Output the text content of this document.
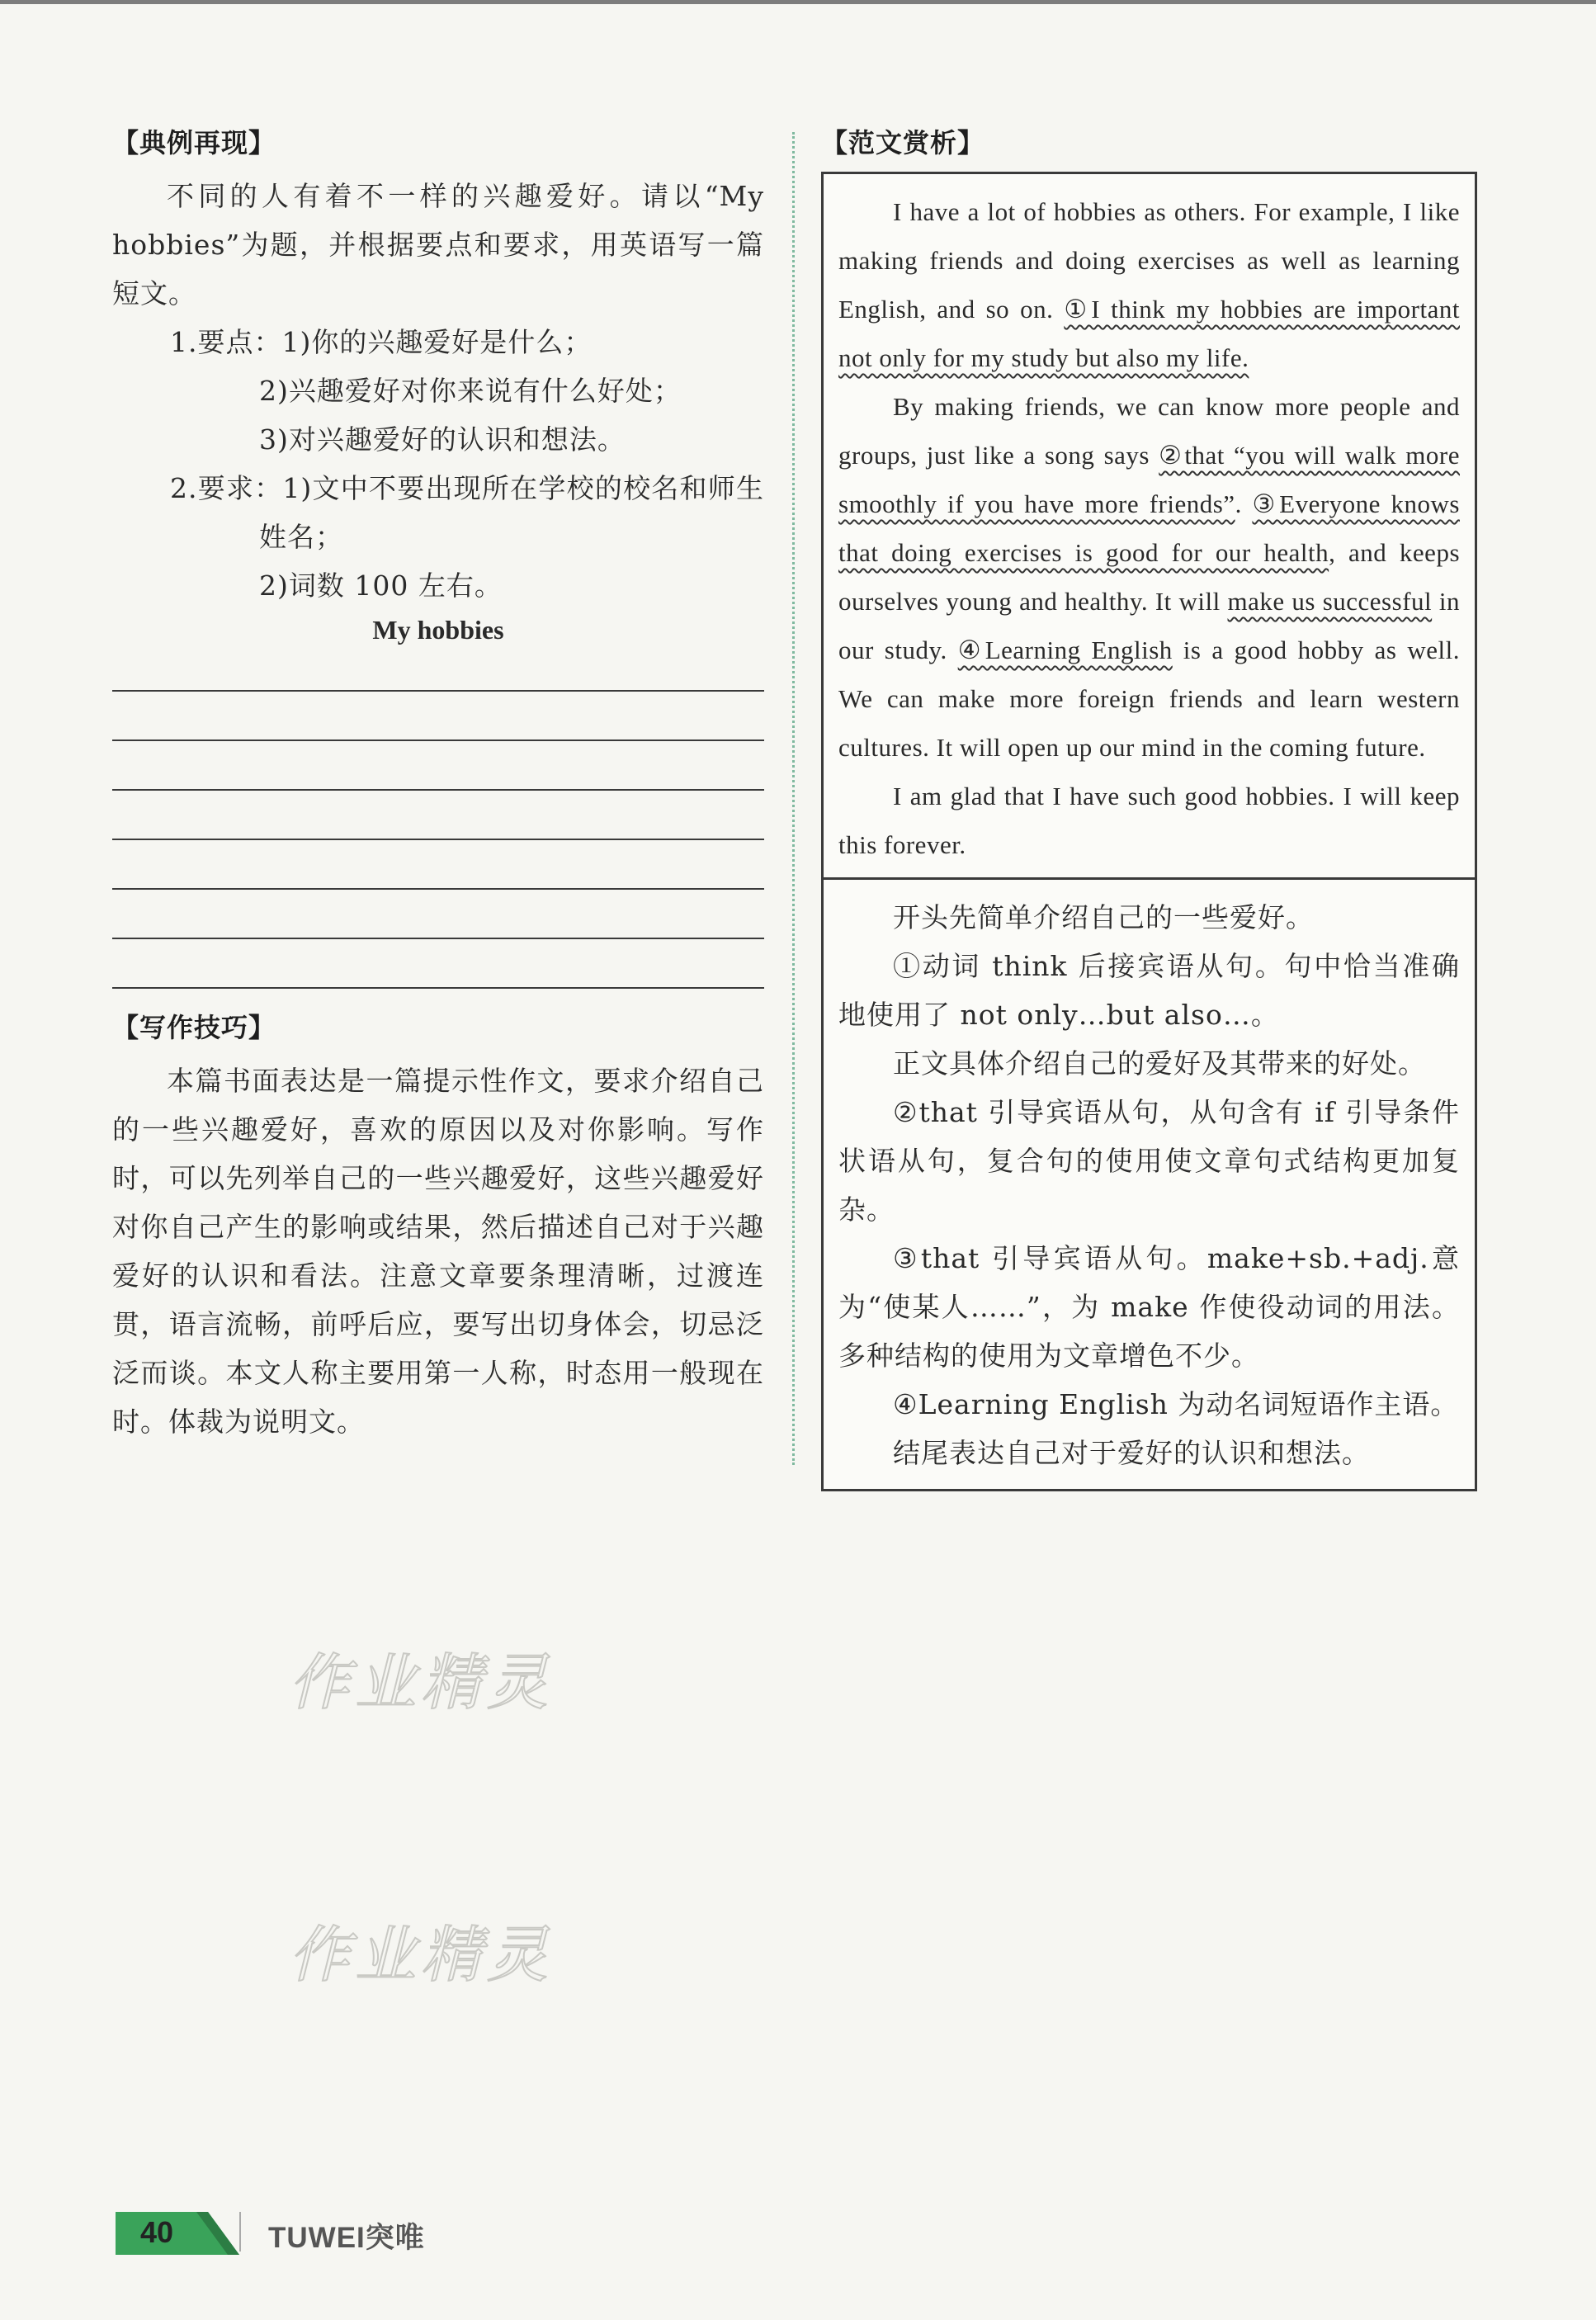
【典例再现】

不同的人有着不一样的兴趣爱好。请以“My hobbies”为题，并根据要点和要求，用英语写一篇短文。

1.要点：1)你的兴趣爱好是什么；

2)兴趣爱好对你来说有什么好处；

3)对兴趣爱好的认识和想法。

2.要求：1)文中不要出现所在学校的校名和师生姓名；

2)词数 100 左右。

My hobbies
【写作技巧】

本篇书面表达是一篇提示性作文，要求介绍自己的一些兴趣爱好，喜欢的原因以及对你影响。写作时，可以先列举自己的一些兴趣爱好，这些兴趣爱好对你自己产生的影响或结果，然后描述自己对于兴趣爱好的认识和看法。注意文章要条理清晰，过渡连贯，语言流畅，前呼后应，要写出切身体会，切忌泛泛而谈。本文人称主要用第一人称，时态用一般现在时。体裁为说明文。

【范文赏析】

I have a lot of hobbies as others. For example, I like making friends and doing exercises as well as learning English, and so on. ①I think my hobbies are important not only for my study but also my life.

By making friends, we can know more people and groups, just like a song says ②that “you will walk more smoothly if you have more friends”. ③Everyone knows that doing exercises is good for our health, and keeps ourselves young and healthy. It will make us successful in our study. ④Learning English is a good hobby as well. We can make more foreign friends and learn western cultures. It will open up our mind in the coming future.

I am glad that I have such good hobbies. I will keep this forever.

开头先简单介绍自己的一些爱好。

①动词 think 后接宾语从句。句中恰当准确地使用了 not only…but also…。

正文具体介绍自己的爱好及其带来的好处。

②that 引导宾语从句，从句含有 if 引导条件状语从句，复合句的使用使文章句式结构更加复杂。

③that 引导宾语从句。make+sb.+adj.意为“使某人……”，为 make 作使役动词的用法。多种结构的使用为文章增色不少。

④Learning English 为动名词短语作主语。

结尾表达自己对于爱好的认识和想法。

作业精灵
作业精灵
40	TUWEI突唯
